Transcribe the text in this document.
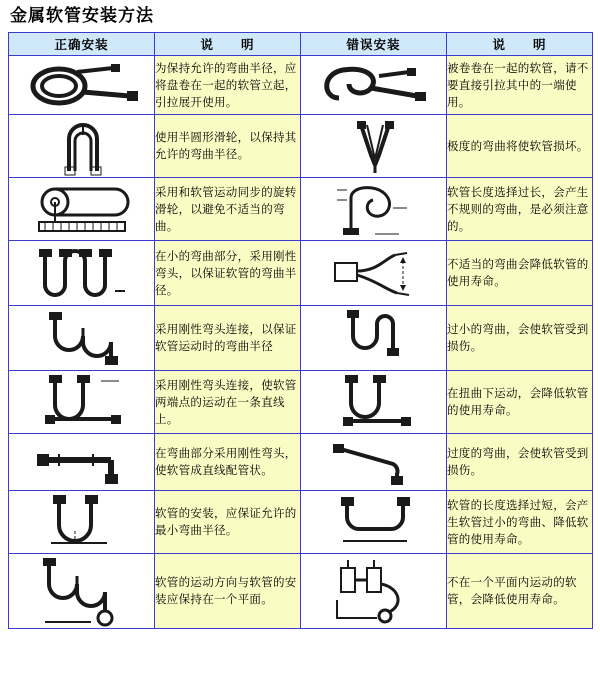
金属软管安装方法
正确安装	说　　明	错误安装	说　　明

	为保持允许的弯曲半径，应将盘卷在一起的软管立起，引拉展开使用。		被卷卷在一起的软管，请不要直接引拉其中的一端使用。

	使用半圆形滑轮，以保持其允许的弯曲半径。		极度的弯曲将使软管损坏。

	采用和软管运动同步的旋转滑轮，以避免不适当的弯曲。		软管长度选择过长，会产生不规则的弯曲，是必须注意的。

	在小的弯曲部分，采用刚性弯头，以保证软管的弯曲半径。		不适当的弯曲会降低软管的使用寿命。

	采用刚性弯头连接，以保证软管运动时的弯曲半径		过小的弯曲，会使软管受到损伤。

	采用刚性弯头连接，使软管两端点的运动在一条直线上。		在扭曲下运动，会降低软管的使用寿命。

	在弯曲部分采用刚性弯头，使软管成直线配管状。		过度的弯曲，会使软管受到损伤。

	软管的安装，应保证允许的最小弯曲半径。		软管的长度选择过短，会产生软管过小的弯曲、降低软管的使用寿命。

	软管的运动方向与软管的安装应保持在一个平面。		不在一个平面内运动的软管，会降低使用寿命。
